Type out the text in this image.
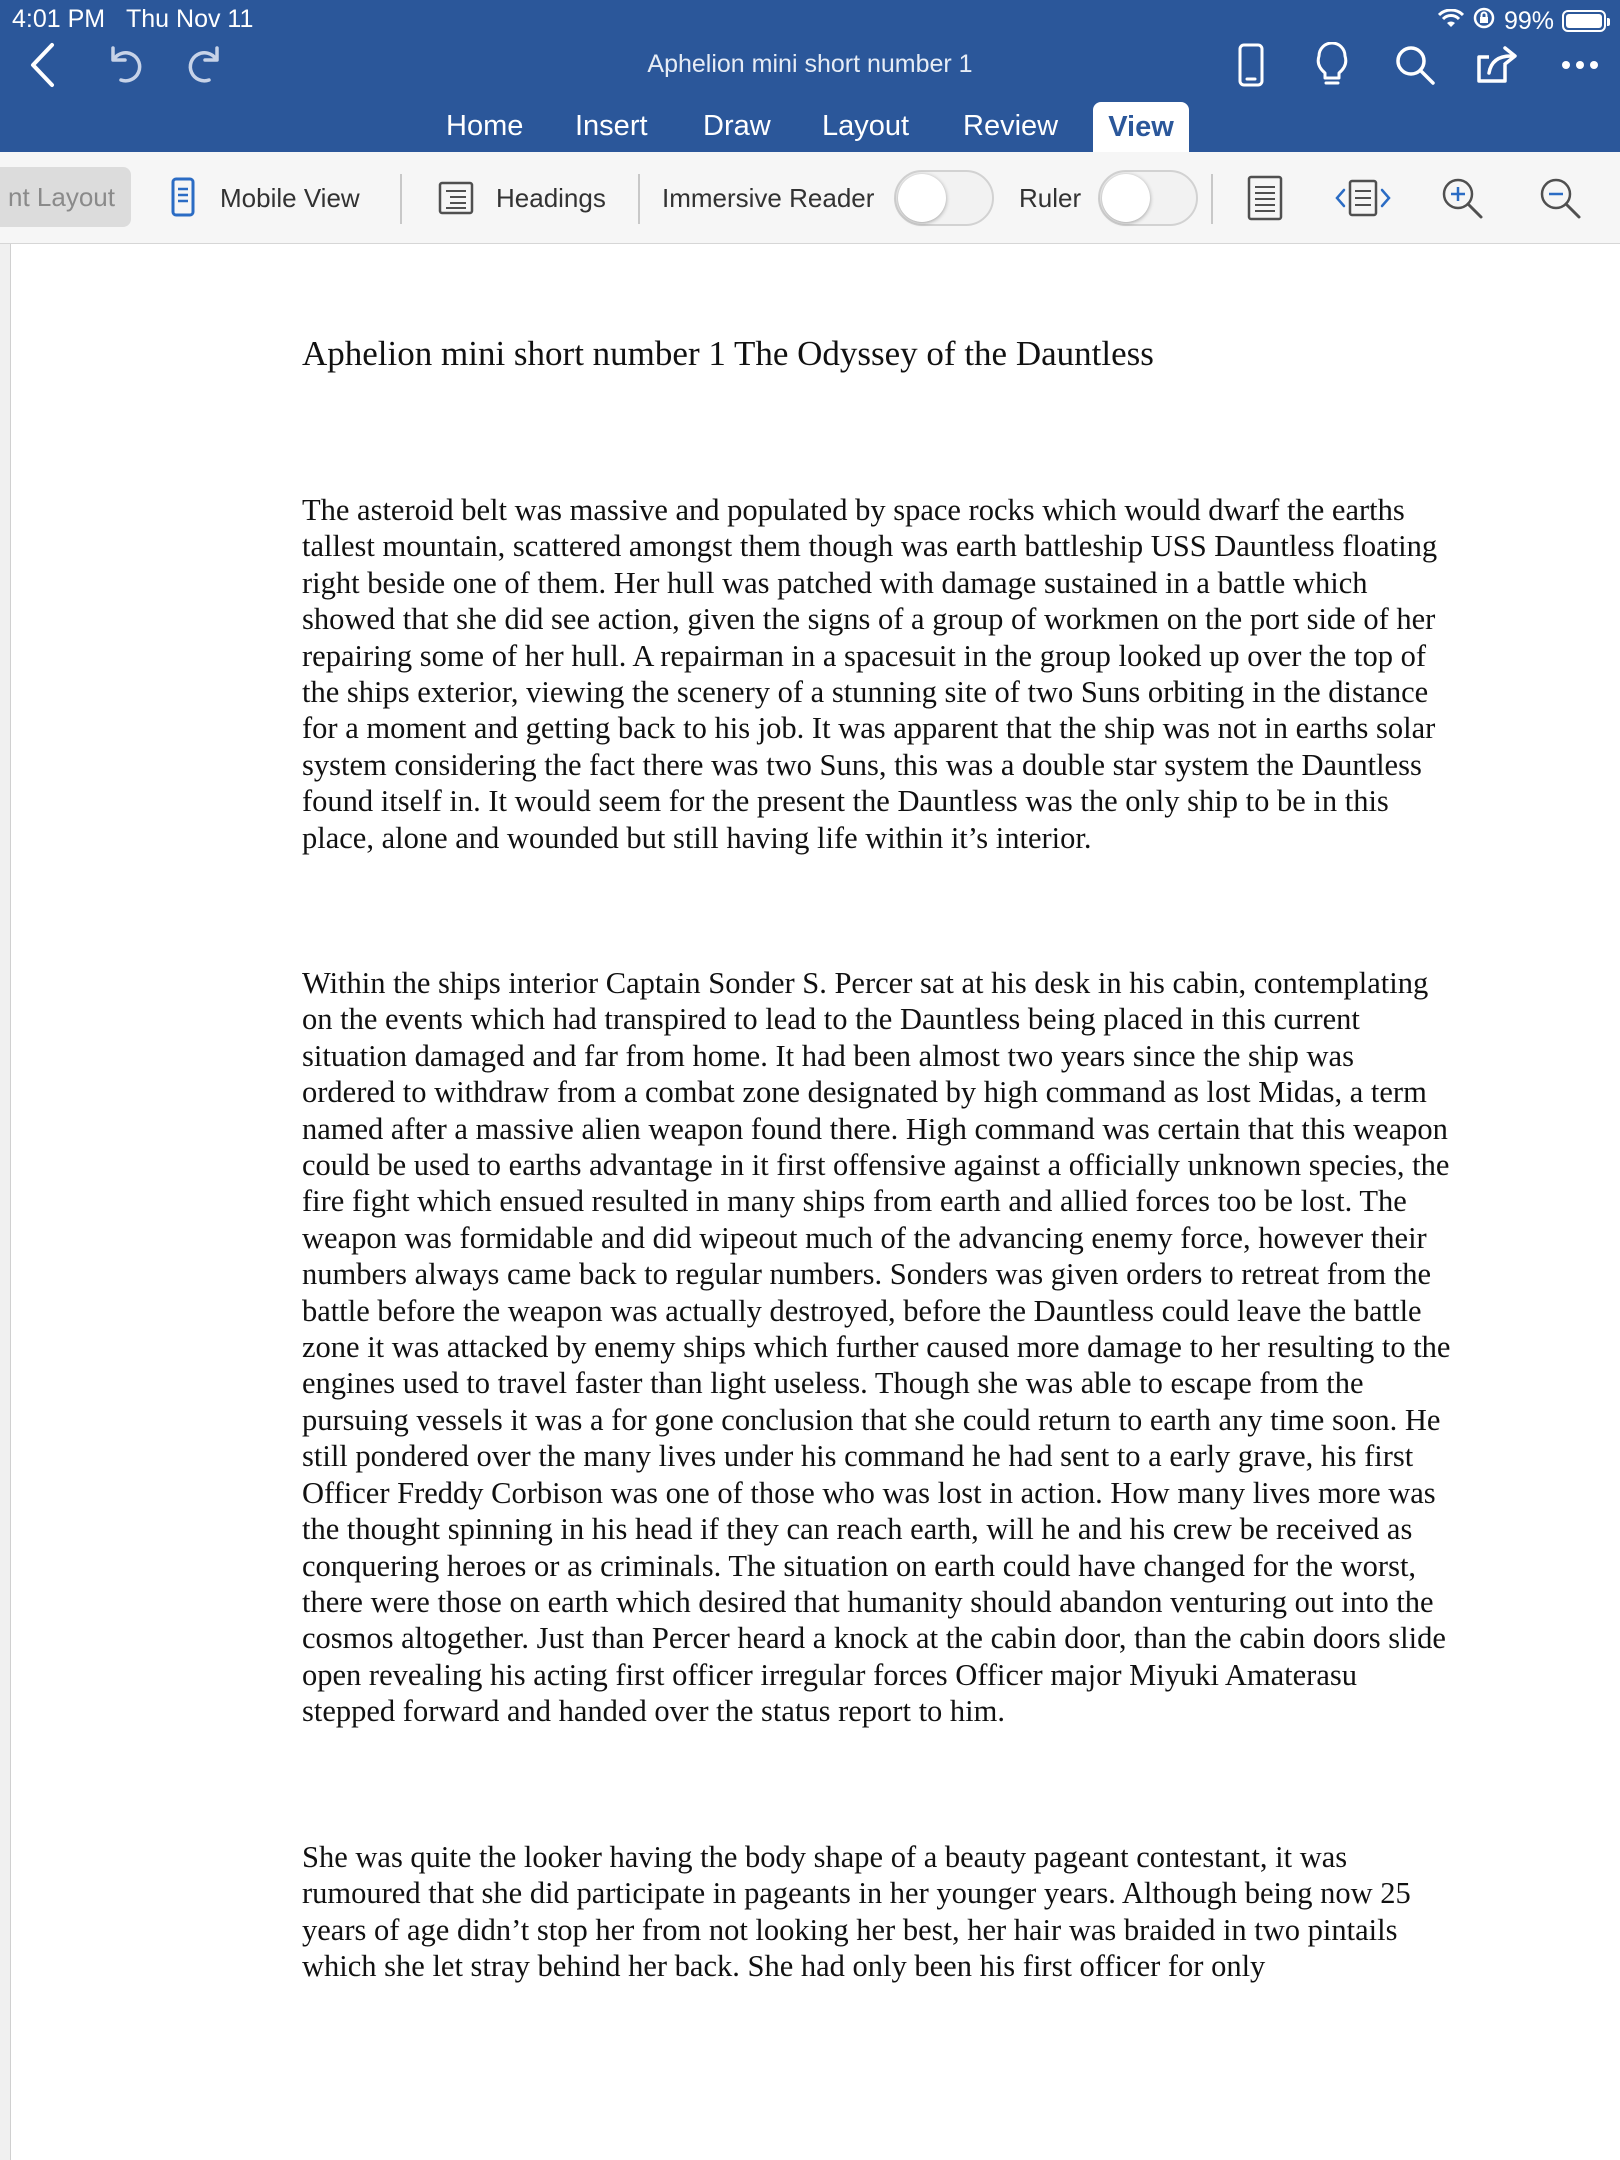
4:01 PM Thu Nov 11	99%
Aphelion mini short number 1
Home	Insert	Draw	Layout	Review	View
nt Layout	Mobile View	Headings Immersive Reader	Ruler
Aphelion mini short number 1 The Odyssey of the Dauntless
The asteroid belt was massive and populated by space rocks which would dwarf the earths tallest mountain, scattered amongst them though was earth battleship USS Dauntless floating right beside one of them. Her hull was patched with damage sustained in a battle which showed that she did see action, given the signs of a group of workmen on the port side of her repairing some of her hull. A repairman in a spacesuit in the group looked up over the top of the ships exterior, viewing the scenery of a stunning site of two Suns orbiting in the distance for a moment and getting back to his job. It was apparent that the ship was not in earths solar system considering the fact there was two Suns, this was a double star system the Dauntless found itself in. It would seem for the present the Dauntless was the only ship to be in this place, alone and wounded but still having life within it’s interior.
Within the ships interior Captain Sonder S. Percer sat at his desk in his cabin, contemplating on the events which had transpired to lead to the Dauntless being placed in this current situation damaged and far from home. It had been almost two years since the ship was ordered to withdraw from a combat zone designated by high command as lost Midas, a term named after a massive alien weapon found there. High command was certain that this weapon could be used to earths advantage in it first offensive against a officially unknown species, the fire fight which ensued resulted in many ships from earth and allied forces too be lost. The weapon was formidable and did wipeout much of the advancing enemy force, however their numbers always came back to regular numbers. Sonders was given orders to retreat from the battle before the weapon was actually destroyed, before the Dauntless could leave the battle zone it was attacked by enemy ships which further caused more damage to her resulting to the engines used to travel faster than light useless. Though she was able to escape from the pursuing vessels it was a for gone conclusion that she could return to earth any time soon. He still pondered over the many lives under his command he had sent to a early grave, his first Officer Freddy Corbison was one of those who was lost in action. How many lives more was the thought spinning in his head if they can reach earth, will he and his crew be received as conquering heroes or as criminals. The situation on earth could have changed for the worst, there were those on earth which desired that humanity should abandon venturing out into the cosmos altogether. Just than Percer heard a knock at the cabin door, than the cabin doors slide open revealing his acting first officer irregular forces Officer major Miyuki Amaterasu stepped forward and handed over the status report to him.
She was quite the looker having the body shape of a beauty pageant contestant, it was rumoured that she did participate in pageants in her younger years. Although being now 25 years of age didn’t stop her from not looking her best, her hair was braided in two pintails which she let stray behind her back. She had only been his first officer for only
